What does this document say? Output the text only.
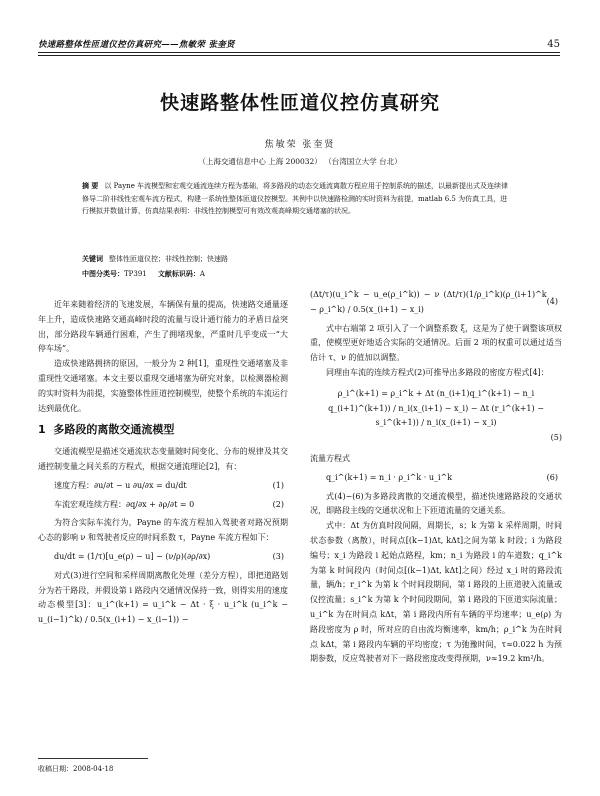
快速路整体性匝道仪控仿真研究——焦敏荣 张奎贤	45
快速路整体性匝道仪控仿真研究
焦敏荣 张奎贤
（上海交通信息中心 上海 200032） （台湾国立大学 台北）
摘 要 以 Payne 车流模型和宏观交通流连续方程为基础，将多路段的动态交通流离散方程应用于控制系统的描述，以最新提出式及连续律修导二阶非线性宏观车流方程式，构建一系统性整体匝道仪控模型。其例中以快速路检测的实时资料为前提，matlab 6.5 为仿真工具，进行模拟并数值计算，仿真结果表明：非线性控制模型可有效改观高峰期交通堵塞的状况。
关键词 整体性匝道仪控；非线性控制；快速路
中图分类号：TP391 文献标识码：A

近年来随着经济的飞速发展，车辆保有量的提高，快速路交通量逐年上升，造成快速路交通高峰时段的流量与设计通行能力的矛盾日益突出，部分路段车辆通行困难，产生了拥堵现象，严重时几乎变成一“大停车场”。

造成快速路拥挤的原因，一般分为 2 种[1]，重现性交通堵塞及非重现性交通堵塞。本文主要以重现交通堵塞为研究对象，以检测器检测的实时资料为前提，实施整体性匝道控制模型，使整个系统的车流运行达到最优化。

1 多路段的离散交通流模型

交通流模型是描述交通流状态变量随时间变化、分布的规律及其交通控制变量之间关系的方程式，根据交通流理论[2]，有：

速度方程：∂u/∂t − u ∂u/∂x = du/dt	(1)
车流宏观连续方程：∂q/∂x + ∂ρ/∂t = 0	(2)

为符合实际车流行为，Payne 的车流方程加入驾驶者对路况预期心态的影响 ν 和驾驶者反应的时间系数 τ，Payne 车流方程如下：

du/dt = (1/τ)[u_e(ρ) − u] − (ν/ρ)(∂ρ/∂x)	(3)

对式(3)进行空间和采样周期离散化处理（差分方程），即把道路划分为若干路段，并假设第 i 路段内交通情况保持一致，则得实用的速度动态模型[3]：u_i^(k+1) = u_i^k − Δt · ξ · u_i^k (u_i^k − u_(i−1)^k) / 0.5(x_(i+1) − x_(i−1)) −

(Δt/τ)(u_i^k − u_e(ρ_i^k)) − ν (Δt/τ)(1/ρ_i^k)(ρ_(i+1)^k − ρ_i^k) / 0.5(x_(i+1) − x_i)
(4)

式中右端第 2 项引入了一个调整系数 ξ，这是为了使于调整该项权重，使模型更好地适合实际的交通情况。后面 2 项的权重可以通过适当估计 τ、ν 的值加以调整。

同理由车流的连续方程式(2)可推导出多路段的密度方程式[4]：

ρ_i^(k+1) = ρ_i^k + Δt (n_(i+1)q_i^(k+1) − n_i q_(i+1)^(k+1)) / n_i(x_(i+1) − x_i) − Δt (r_i^(k+1) − s_i^(k+1)) / n_i(x_(i+1) − x_i)
(5)
流量方程式
q_i^(k+1) = n_i · ρ_i^k · u_i^k	(6)

式(4)~(6)为多路段离散的交通流模型，描述快速路路段的交通状况，即路段主线的交通状况和上下匝道流量的交通关系。

式中：Δt 为仿真时段间隔，周期长，s；k 为第 k 采样周期，时间状态参数（离散），时间点[(k−1)Δt, kΔt]之间为第 k 时段；i 为路段编号；x_i 为路段 i 起始点路程，km；n_i 为路段 i 的车道数；q_i^k 为第 k 时间段内（时间点[(k−1)Δt, kΔt]之间）经过 x_i 时的路段流量，辆/h；r_i^k 为第 k 个时间段期间，第 i 路段的上匝道驶入流量或仪控流量；s_i^k 为第 k 个时间段期间，第 i 路段的下匝道实际流量；u_i^k 为在时间点 kΔt，第 i 路段内所有车辆的平均速率；u_e(ρ) 为路段密度为 ρ 时，所对应的自由流均衡速率，km/h；ρ_i^k 为在时间点 kΔt，第 i 路段内车辆的平均密度；τ 为弛豫时间，τ≈0.022 h 为预期参数，反应驾驶者对下一路段密度改变得预期，ν≈19.2 km²/h。

收稿日期：2008-04-18
